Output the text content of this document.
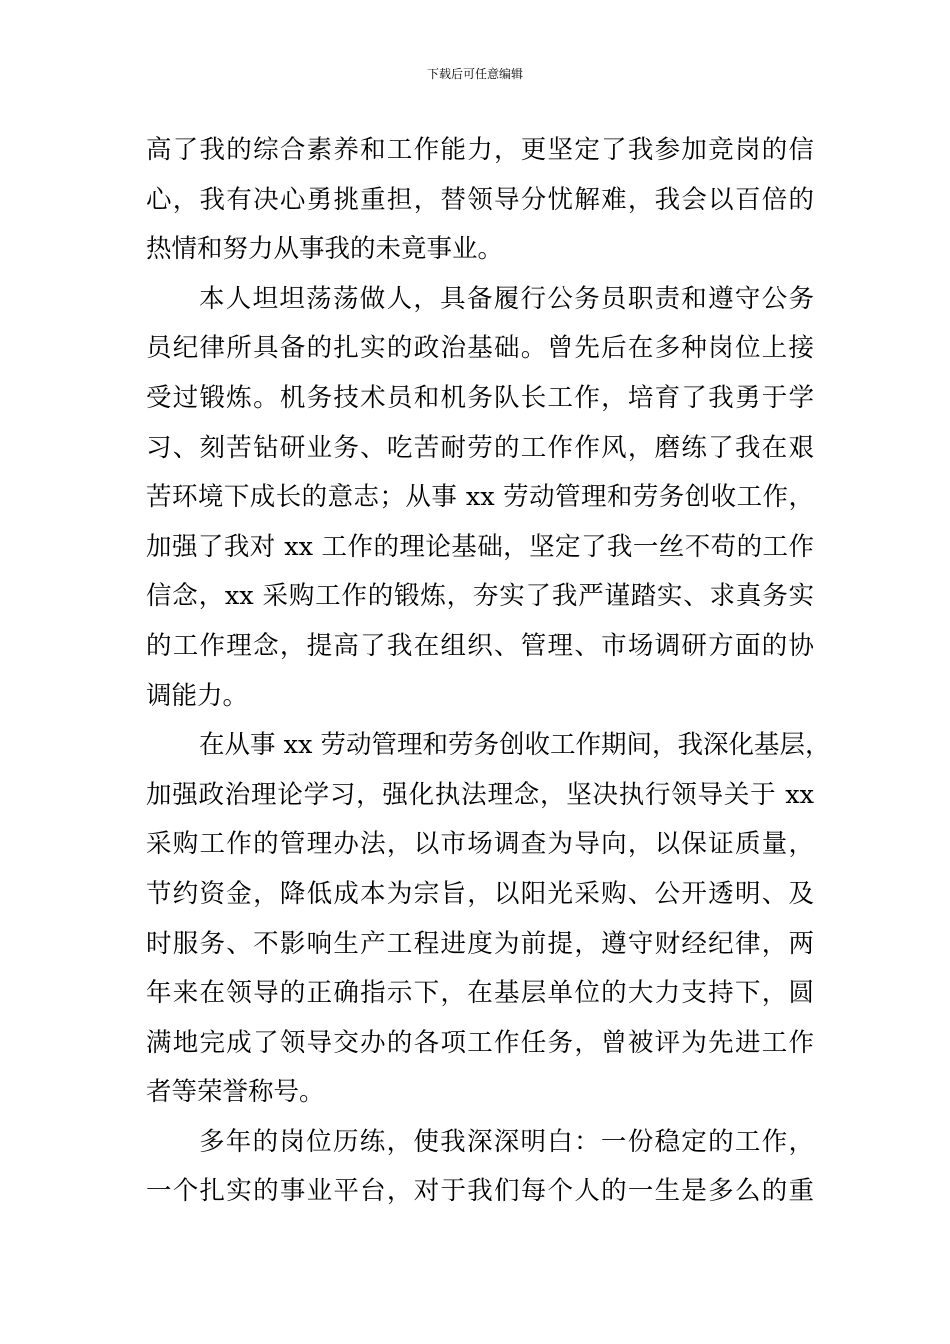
下载后可任意编辑
高了我的综合素养和工作能力，更坚定了我参加竞岗的信
心，我有决心勇挑重担，替领导分忧解难，我会以百倍的
热情和努力从事我的未竟事业。
本人坦坦荡荡做人，具备履行公务员职责和遵守公务
员纪律所具备的扎实的政治基础。曾先后在多种岗位上接
受过锻炼。机务技术员和机务队长工作，培育了我勇于学
习、刻苦钻研业务、吃苦耐劳的工作作风，磨练了我在艰
苦环境下成长的意志；从事 xx 劳动管理和劳务创收工作，
加强了我对 xx 工作的理论基础，坚定了我一丝不苟的工作
信念，xx 采购工作的锻炼，夯实了我严谨踏实、求真务实
的工作理念，提高了我在组织、管理、市场调研方面的协
调能力。
在从事 xx 劳动管理和劳务创收工作期间，我深化基层，
加强政治理论学习，强化执法理念，坚决执行领导关于 xx
采购工作的管理办法，以市场调查为导向，以保证质量，
节约资金，降低成本为宗旨，以阳光采购、公开透明、及
时服务、不影响生产工程进度为前提，遵守财经纪律，两
年来在领导的正确指示下，在基层单位的大力支持下，圆
满地完成了领导交办的各项工作任务，曾被评为先进工作
者等荣誉称号。
多年的岗位历练，使我深深明白：一份稳定的工作，
一个扎实的事业平台，对于我们每个人的一生是多么的重
